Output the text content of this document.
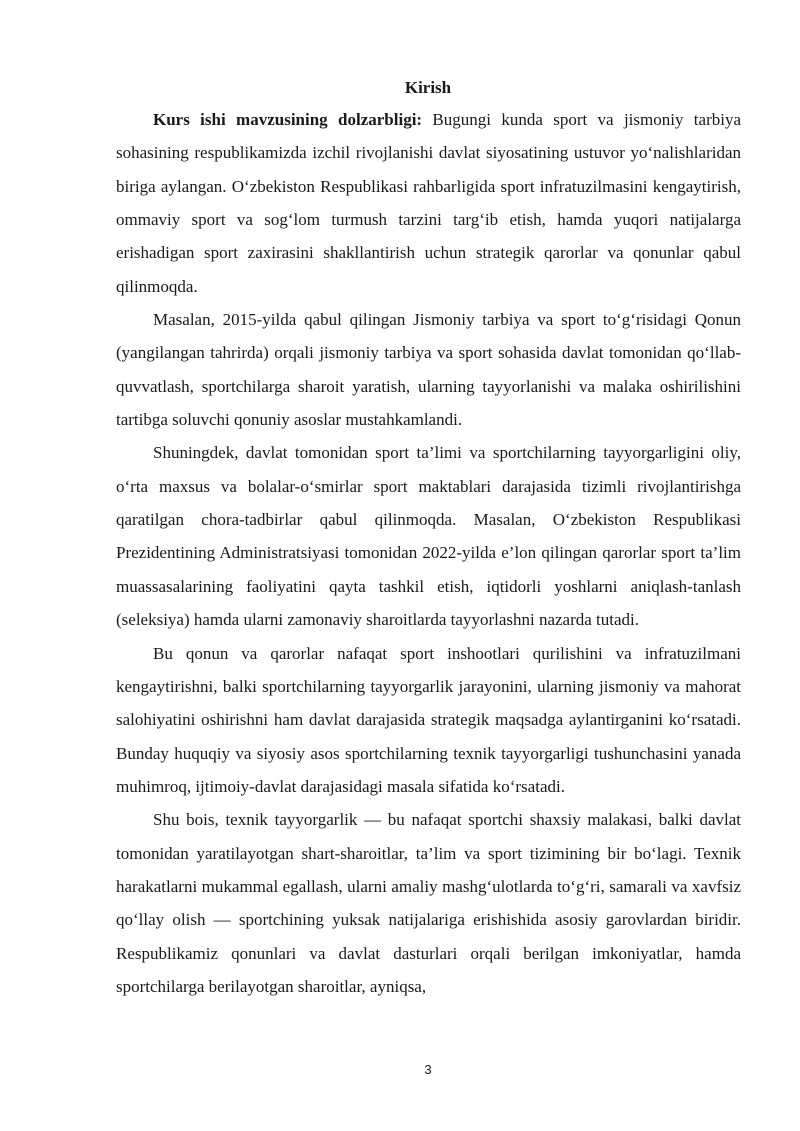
Kirish

Kurs ishi mavzusining dolzarbligi: Bugungi kunda sport va jismoniy tarbiya sohasining respublikamizda izchil rivojlanishi davlat siyosatining ustuvor yo‘nalishlaridan biriga aylangan. O‘zbekiston Respublikasi rahbarligida sport infratuzilmasini kengaytirish, ommaviy sport va sog‘lom turmush tarzini targ‘ib etish, hamda yuqori natijalarga erishadigan sport zaxirasini shakllantirish uchun strategik qarorlar va qonunlar qabul qilinmoqda.

Masalan, 2015-yilda qabul qilingan Jismoniy tarbiya va sport to‘g‘risidagi Qonun (yangilangan tahrirda) orqali jismoniy tarbiya va sport sohasida davlat tomonidan qo‘llab-quvvatlash, sportchilarga sharoit yaratish, ularning tayyorlanishi va malaka oshirilishini tartibga soluvchi qonuniy asoslar mustahkamlandi.

Shuningdek, davlat tomonidan sport ta’limi va sportchilarning tayyorgarligini oliy, o‘rta maxsus va bolalar-o‘smirlar sport maktablari darajasida tizimli rivojlantirishga qaratilgan chora-tadbirlar qabul qilinmoqda. Masalan, O‘zbekiston Respublikasi Prezidentining Administratsiyasi tomonidan 2022-yilda e’lon qilingan qarorlar sport ta’lim muassasalarining faoliyatini qayta tashkil etish, iqtidorli yoshlarni aniqlash-tanlash (seleksiya) hamda ularni zamonaviy sharoitlarda tayyorlashni nazarda tutadi.

Bu qonun va qarorlar nafaqat sport inshootlari qurilishini va infratuzilmani kengaytirishni, balki sportchilarning tayyorgarlik jarayonini, ularning jismoniy va mahorat salohiyatini oshirishni ham davlat darajasida strategik maqsadga aylantirganini ko‘rsatadi. Bunday huquqiy va siyosiy asos sportchilarning texnik tayyorgarligi tushunchasini yanada muhimroq, ijtimoiy-davlat darajasidagi masala sifatida ko‘rsatadi.

Shu bois, texnik tayyorgarlik — bu nafaqat sportchi shaxsiy malakasi, balki davlat tomonidan yaratilayotgan shart-sharoitlar, ta’lim va sport tizimining bir bo‘lagi. Texnik harakatlarni mukammal egallash, ularni amaliy mashg‘ulotlarda to‘g‘ri, samarali va xavfsiz qo‘llay olish — sportchining yuksak natijalariga erishishida asosiy garovlardan biridir. Respublikamiz qonunlari va davlat dasturlari orqali berilgan imkoniyatlar, hamda sportchilarga berilayotgan sharoitlar, ayniqsa,

3
